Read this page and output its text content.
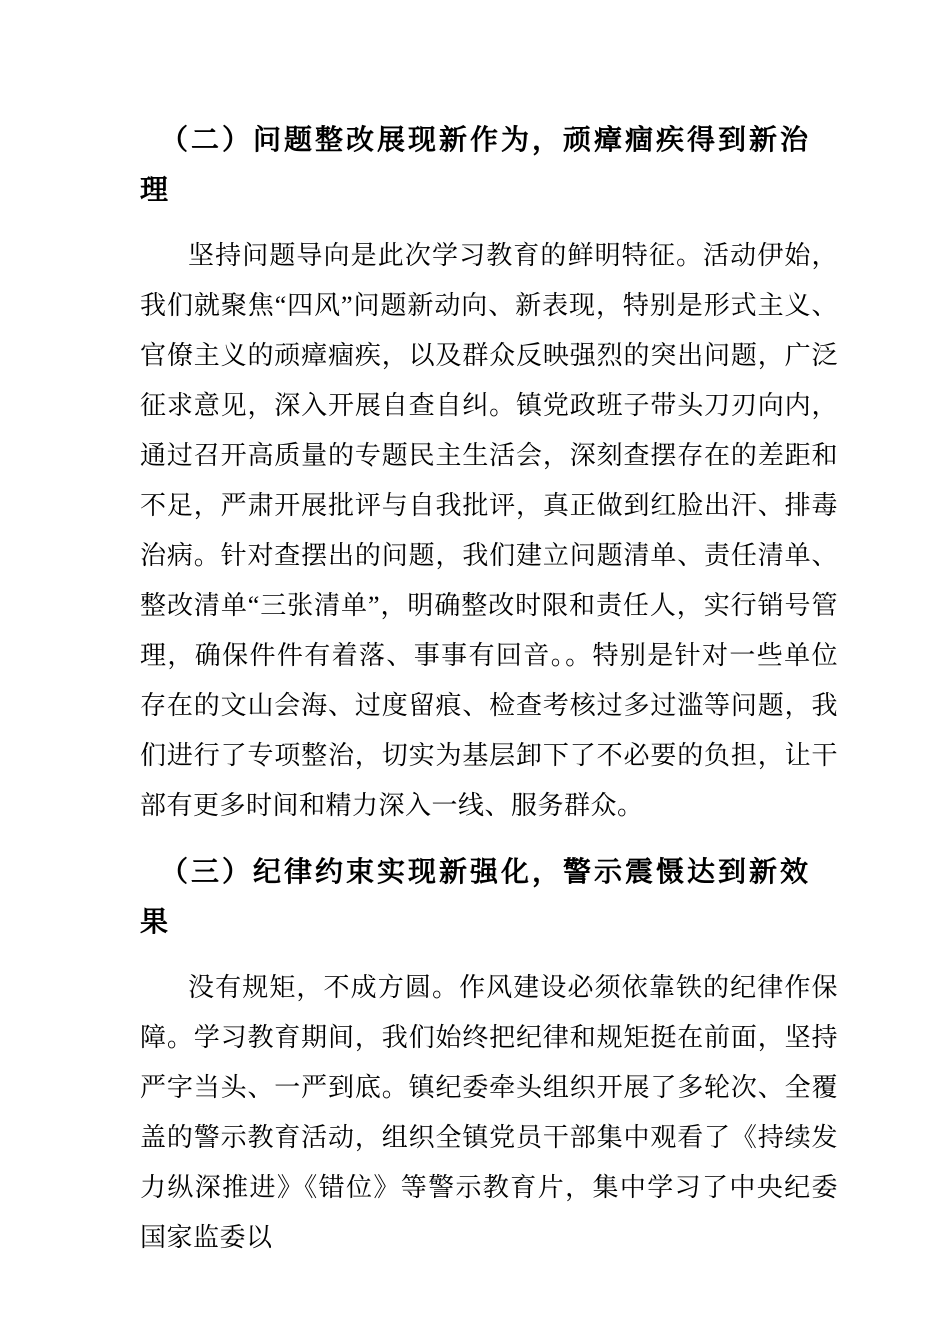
（二）问题整改展现新作为，顽瘴痼疾得到新治理

坚持问题导向是此次学习教育的鲜明特征。活动伊始，我们就聚焦“四风”问题新动向、新表现，特别是形式主义、官僚主义的顽瘴痼疾，以及群众反映强烈的突出问题，广泛征求意见，深入开展自查自纠。镇党政班子带头刀刃向内，通过召开高质量的专题民主生活会，深刻查摆存在的差距和不足，严肃开展批评与自我批评，真正做到红脸出汗、排毒治病。针对查摆出的问题，我们建立问题清单、责任清单、整改清单“三张清单”，明确整改时限和责任人，实行销号管理，确保件件有着落、事事有回音。。特别是针对一些单位存在的文山会海、过度留痕、检查考核过多过滥等问题，我们进行了专项整治，切实为基层卸下了不必要的负担，让干部有更多时间和精力深入一线、服务群众。

（三）纪律约束实现新强化，警示震慑达到新效果

没有规矩，不成方圆。作风建设必须依靠铁的纪律作保障。学习教育期间，我们始终把纪律和规矩挺在前面，坚持严字当头、一严到底。镇纪委牵头组织开展了多轮次、全覆盖的警示教育活动，组织全镇党员干部集中观看了《持续发力纵深推进》《错位》等警示教育片，集中学习了中央纪委国家监委以
